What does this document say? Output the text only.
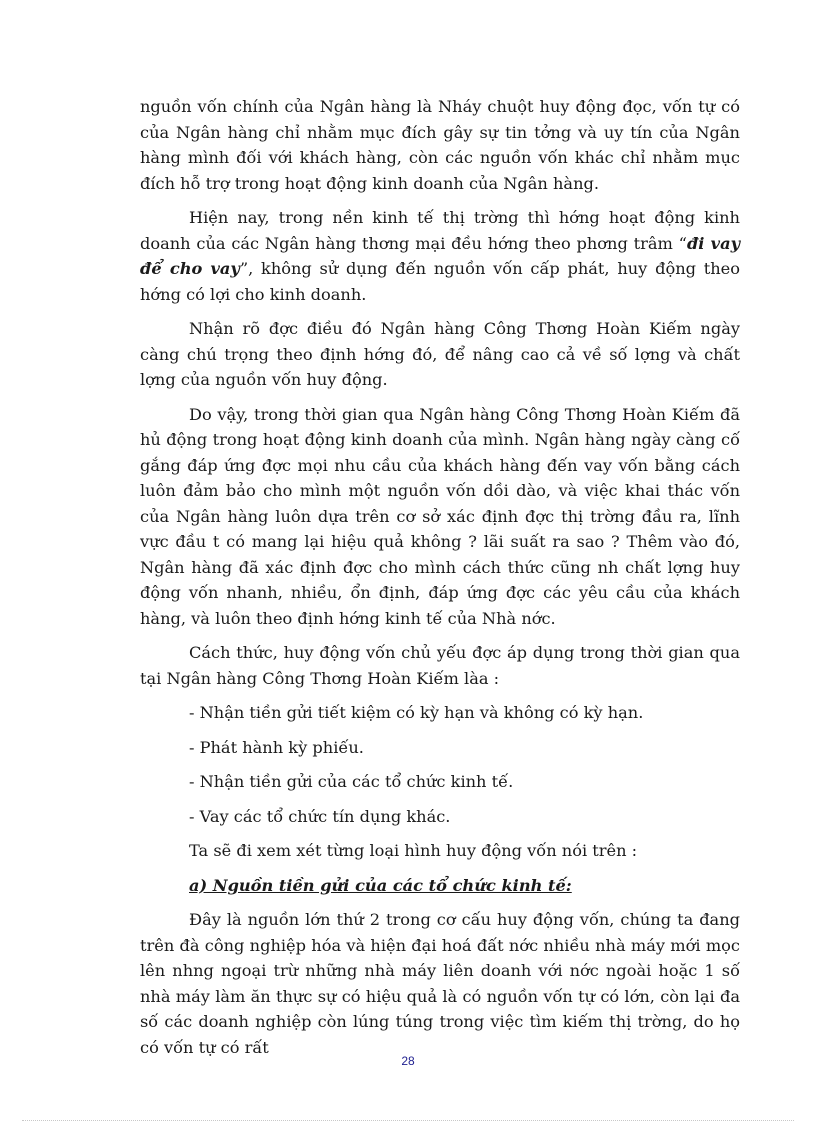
nguồn vốn chính của Ngân hàng là Nháy chuột huy động đọc, vốn tự có của Ngân hàng chỉ nhằm mục đích gây sự tin tởng và uy tín của Ngân hàng mình đối với khách hàng, còn các nguồn vốn khác chỉ nhằm mục đích hỗ trợ trong hoạt động kinh doanh của Ngân hàng.

Hiện nay, trong nền kinh tế thị trờng thì hớng hoạt động kinh doanh của các Ngân hàng thơng mại đều hớng theo phơng trâm “đi vay để cho vay”, không sử dụng đến nguồn vốn cấp phát, huy động theo hớng có lợi cho kinh doanh.

Nhận rõ đợc điều đó Ngân hàng Công Thơng Hoàn Kiếm ngày càng chú trọng theo định hớng đó, để nâng cao cả về số lợng và chất lợng của nguồn vốn huy động.

Do vậy, trong thời gian qua Ngân hàng Công Thơng Hoàn Kiếm đã hủ động trong hoạt động kinh doanh của mình. Ngân hàng ngày càng cố gắng đáp ứng đợc mọi nhu cầu của khách hàng đến vay vốn bằng cách luôn đảm bảo cho mình một nguồn vốn dồi dào, và việc khai thác vốn của Ngân hàng luôn dựa trên cơ sở xác định đợc thị trờng đầu ra, lĩnh vực đầu t có mang lại hiệu quả không ? lãi suất ra sao ? Thêm vào đó, Ngân hàng đã xác định đợc cho mình cách thức cũng nh chất lợng huy động vốn nhanh, nhiều, ổn định, đáp ứng đợc các yêu cầu của khách hàng, và luôn theo định hớng kinh tế của Nhà nớc.

Cách thức, huy động vốn chủ yếu đợc áp dụng trong thời gian qua tại Ngân hàng Công Thơng Hoàn Kiếm làa :

- Nhận tiền gửi tiết kiệm có kỳ hạn và không có kỳ hạn.

- Phát hành kỳ phiếu.

- Nhận tiền gửi của các tổ chức kinh tế.

- Vay các tổ chức tín dụng khác.

Ta sẽ đi xem xét từng loại hình huy động vốn nói trên :

a) Nguồn tiền gửi của các tổ chức kinh tế:

Đây là nguồn lớn thứ 2 trong cơ cấu huy động vốn, chúng ta đang trên đà công nghiệp hóa và hiện đại hoá đất nớc nhiều nhà máy mới mọc lên nhng ngoại trừ những nhà máy liên doanh với nớc ngoài hoặc 1 số nhà máy làm ăn thực sự có hiệu quả là có nguồn vốn tự có lớn, còn lại đa số các doanh nghiệp còn lúng túng trong việc tìm kiếm thị trờng, do họ có vốn tự có rất

28
